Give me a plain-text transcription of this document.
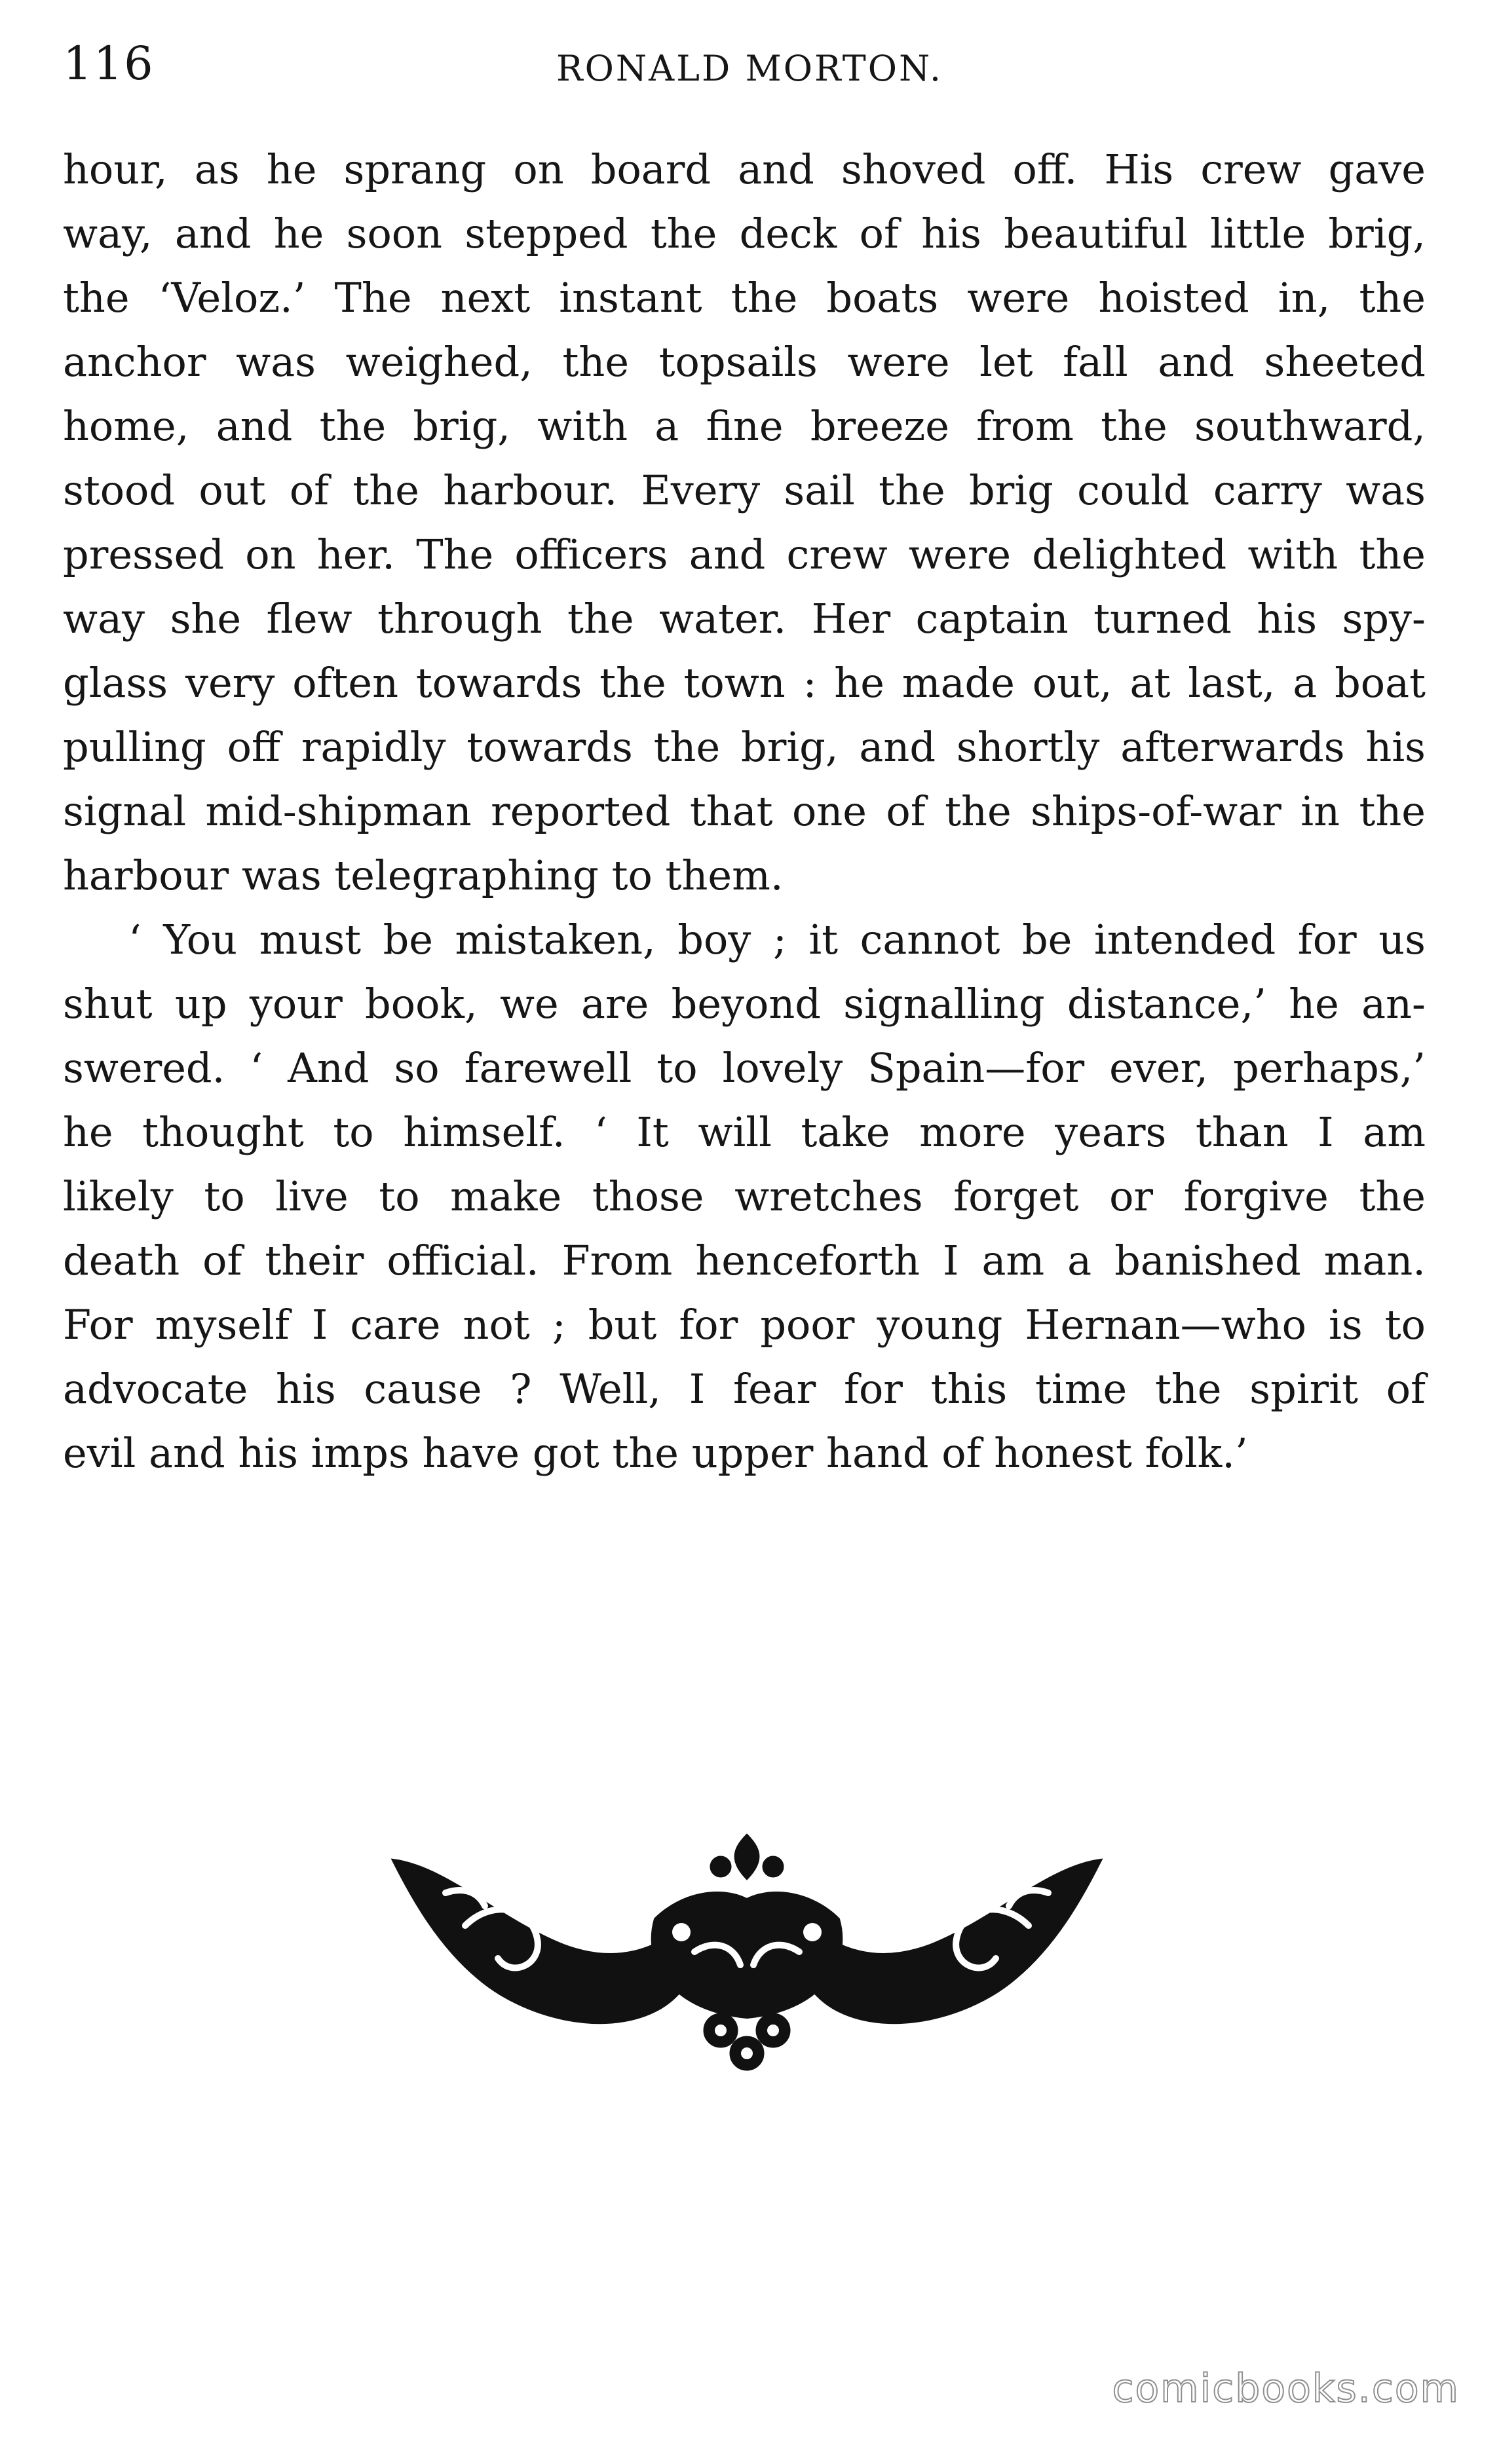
116	RONALD MORTON.
hour, as he sprang on board and shoved off. His crew gave
way, and he soon stepped the deck of his beautiful little brig,
the ‘Veloz.’ The next instant the boats were hoisted in, the
anchor was weighed, the topsails were let fall and sheeted
home, and the brig, with a fine breeze from the southward,
stood out of the harbour. Every sail the brig could carry was
pressed on her. The officers and crew were delighted with the
way she flew through the water. Her captain turned his spy-
glass very often towards the town : he made out, at last, a boat
pulling off rapidly towards the brig, and shortly afterwards his
signal mid-shipman reported that one of the ships-of-war in the
harbour was telegraphing to them.
‘ You must be mistaken, boy ; it cannot be intended for us
shut up your book, we are beyond signalling distance,’ he an-
swered. ‘ And so farewell to lovely Spain—for ever, perhaps,’
he thought to himself. ‘ It will take more years than I am
likely to live to make those wretches forget or forgive the
death of their official. From henceforth I am a banished man.
For myself I care not ; but for poor young Hernan—who is to
advocate his cause ? Well, I fear for this time the spirit of
evil and his imps have got the upper hand of honest folk.’
comicbooks.com
